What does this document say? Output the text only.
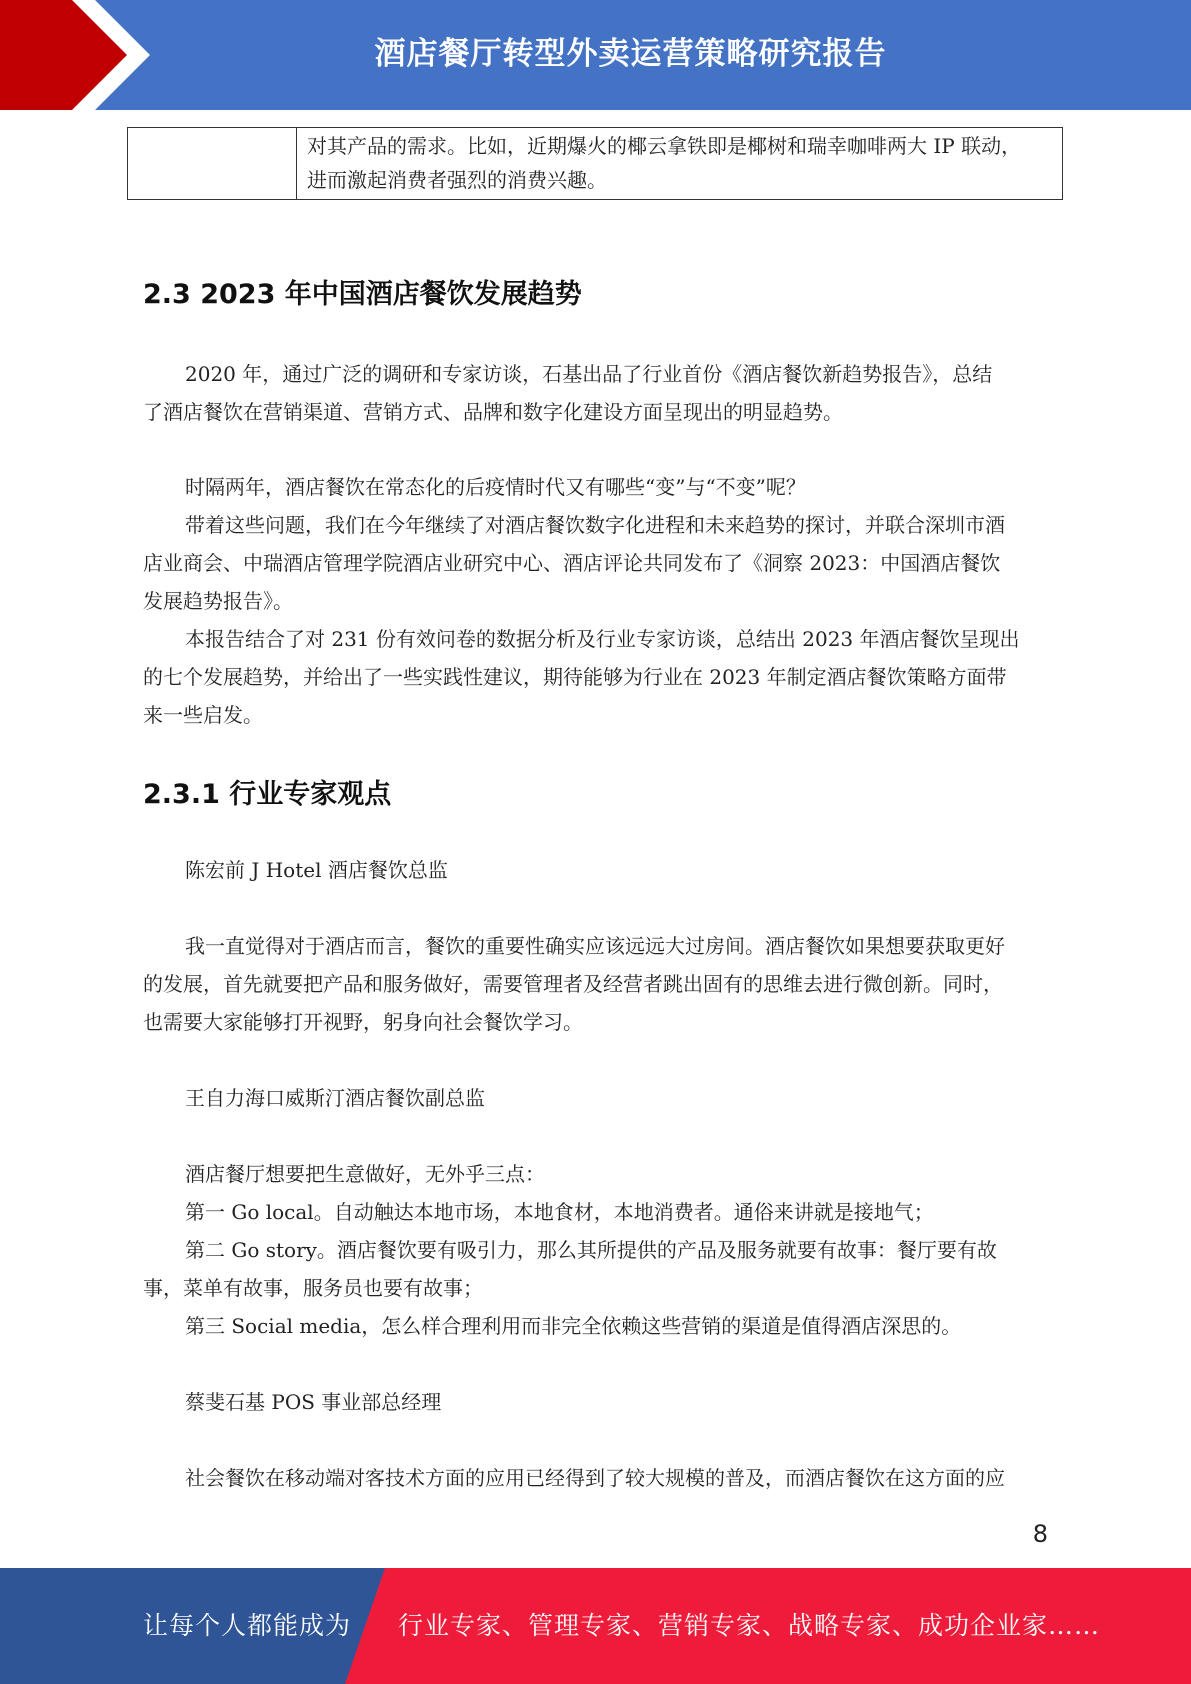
酒店餐厅转型外卖运营策略研究报告

对其产品的需求。比如，近期爆火的椰云拿铁即是椰树和瑞幸咖啡两大 IP 联动，
进而激起消费者强烈的消费兴趣。
2.3 2023 年中国酒店餐饮发展趋势
2020 年，通过广泛的调研和专家访谈，石基出品了行业首份《酒店餐饮新趋势报告》，总结
了酒店餐饮在营销渠道、营销方式、品牌和数字化建设方面呈现出的明显趋势。
时隔两年，酒店餐饮在常态化的后疫情时代又有哪些“变”与“不变”呢？
带着这些问题，我们在今年继续了对酒店餐饮数字化进程和未来趋势的探讨，并联合深圳市酒
店业商会、中瑞酒店管理学院酒店业研究中心、酒店评论共同发布了《洞察 2023：中国酒店餐饮
发展趋势报告》。
本报告结合了对 231 份有效问卷的数据分析及行业专家访谈，总结出 2023 年酒店餐饮呈现出
的七个发展趋势，并给出了一些实践性建议，期待能够为行业在 2023 年制定酒店餐饮策略方面带
来一些启发。
2.3.1 行业专家观点
陈宏前 J Hotel 酒店餐饮总监
我一直觉得对于酒店而言，餐饮的重要性确实应该远远大过房间。酒店餐饮如果想要获取更好
的发展，首先就要把产品和服务做好，需要管理者及经营者跳出固有的思维去进行微创新。同时，
也需要大家能够打开视野，躬身向社会餐饮学习。
王自力海口威斯汀酒店餐饮副总监
酒店餐厅想要把生意做好，无外乎三点：
第一 Go local。自动触达本地市场，本地食材，本地消费者。通俗来讲就是接地气；
第二 Go story。酒店餐饮要有吸引力，那么其所提供的产品及服务就要有故事：餐厅要有故
事，菜单有故事，服务员也要有故事；
第三 Social media，怎么样合理利用而非完全依赖这些营销的渠道是值得酒店深思的。
蔡斐石基 POS 事业部总经理
社会餐饮在移动端对客技术方面的应用已经得到了较大规模的普及，而酒店餐饮在这方面的应
8
让每个人都能成为 行业专家、管理专家、营销专家、战略专家、成功企业家……
